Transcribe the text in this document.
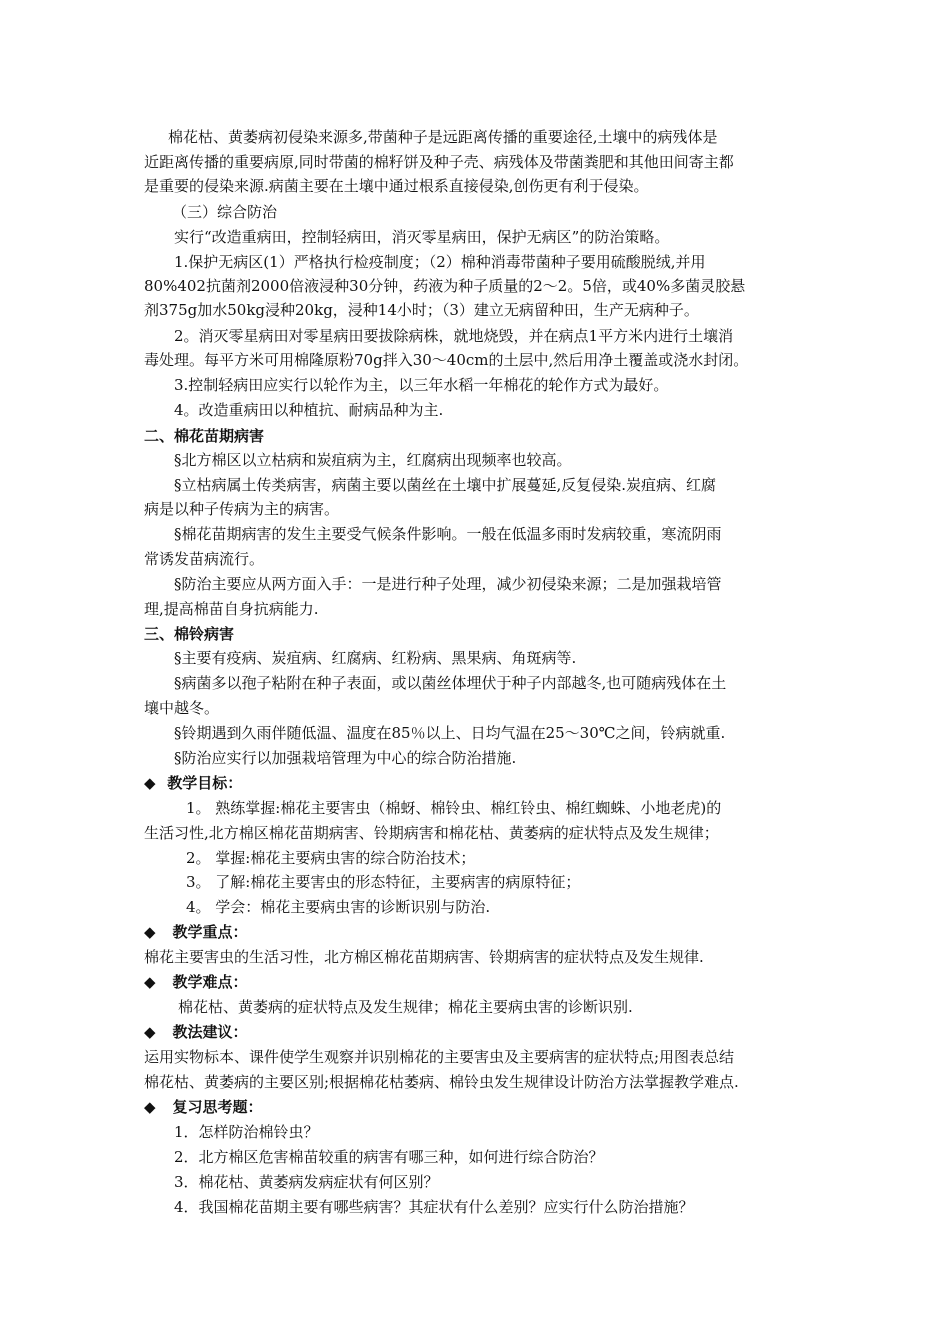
棉花枯、黄萎病初侵染来源多,带菌种子是远距离传播的重要途径,土壤中的病残体是
近距离传播的重要病原,同时带菌的棉籽饼及种子壳、病残体及带菌粪肥和其他田间寄主都
是重要的侵染来源.病菌主要在土壤中通过根系直接侵染,创伤更有利于侵染。
（三）综合防治
实行“改造重病田，控制轻病田，消灭零星病田，保护无病区”的防治策略。
1.保护无病区(1）严格执行检疫制度；（2）棉种消毒带菌种子要用硫酸脱绒,并用
80%402抗菌剂2000倍液浸种30分钟，药液为种子质量的2～2。5倍，或40%多菌灵胶悬
剂375g加水50kg浸种20kg，浸种14小时；（3）建立无病留种田，生产无病种子。
2。消灭零星病田对零星病田要拔除病株，就地烧毁，并在病点1平方米内进行土壤消
毒处理。每平方米可用棉隆原粉70g拌入30～40cm的土层中,然后用净土覆盖或浇水封闭。
3.控制轻病田应实行以轮作为主，以三年水稻一年棉花的轮作方式为最好。
4。改造重病田以种植抗、耐病品种为主.
二、棉花苗期病害
§北方棉区以立枯病和炭疽病为主，红腐病出现频率也较高。
§立枯病属土传类病害，病菌主要以菌丝在土壤中扩展蔓延,反复侵染.炭疽病、红腐
病是以种子传病为主的病害。
§棉花苗期病害的发生主要受气候条件影响。一般在低温多雨时发病较重，寒流阴雨
常诱发苗病流行。
§防治主要应从两方面入手：一是进行种子处理，减少初侵染来源；二是加强栽培管
理,提高棉苗自身抗病能力.
三、棉铃病害
§主要有疫病、炭疽病、红腐病、红粉病、黑果病、角斑病等.
§病菌多以孢子粘附在种子表面，或以菌丝体埋伏于种子内部越冬,也可随病残体在土
壤中越冬。
§铃期遇到久雨伴随低温、温度在85％以上、日均气温在25～30℃之间，铃病就重.
§防治应实行以加强栽培管理为中心的综合防治措施.
◆ 教学目标：
1。 熟练掌握:棉花主要害虫（棉蚜、棉铃虫、棉红铃虫、棉红蜘蛛、小地老虎)的
生活习性,北方棉区棉花苗期病害、铃期病害和棉花枯、黄萎病的症状特点及发生规律；
2。 掌握:棉花主要病虫害的综合防治技术；
3。 了解:棉花主要害虫的形态特征，主要病害的病原特征；
4。 学会：棉花主要病虫害的诊断识别与防治.
◆ 教学重点：
棉花主要害虫的生活习性，北方棉区棉花苗期病害、铃期病害的症状特点及发生规律.
◆ 教学难点：
棉花枯、黄萎病的症状特点及发生规律；棉花主要病虫害的诊断识别.
◆ 教法建议：
运用实物标本、课件使学生观察并识别棉花的主要害虫及主要病害的症状特点;用图表总结
棉花枯、黄萎病的主要区别;根据棉花枯萎病、棉铃虫发生规律设计防治方法掌握教学难点.
◆ 复习思考题：
1．怎样防治棉铃虫？
2．北方棉区危害棉苗较重的病害有哪三种，如何进行综合防治？
3．棉花枯、黄萎病发病症状有何区别？
4．我国棉花苗期主要有哪些病害？其症状有什么差别？应实行什么防治措施？
